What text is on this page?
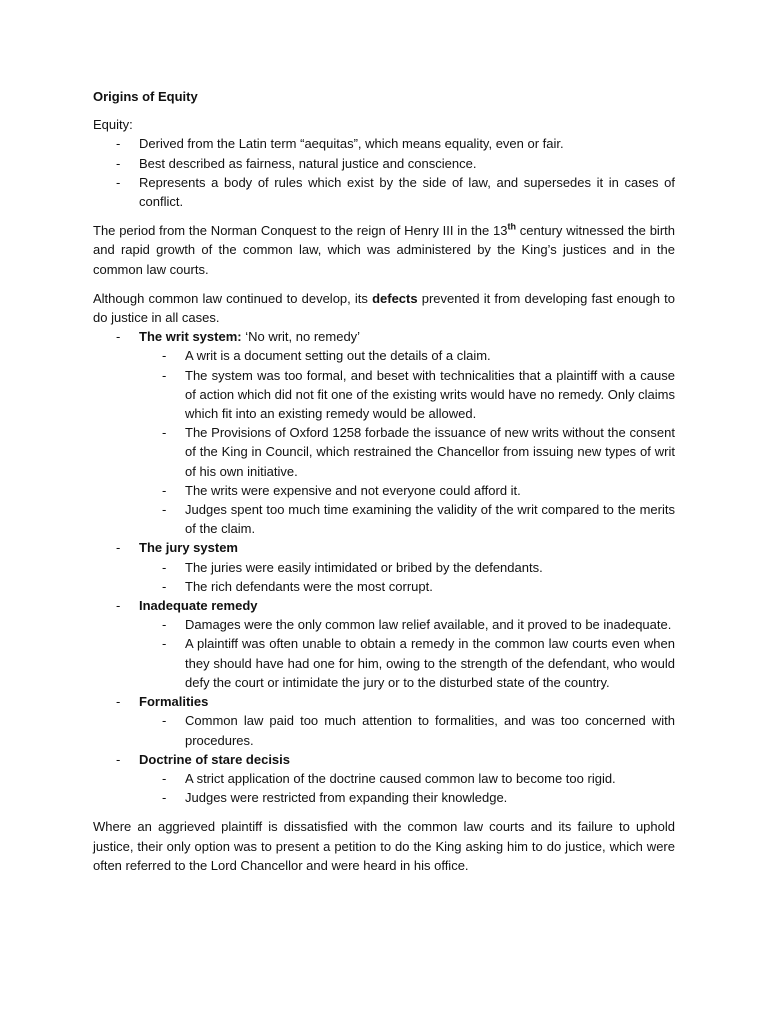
Origins of Equity

Equity:

- Derived from the Latin term “aequitas”, which means equality, even or fair.
- Best described as fairness, natural justice and conscience.
- Represents a body of rules which exist by the side of law, and supersedes it in cases of conflict.

The period from the Norman Conquest to the reign of Henry III in the 13th century witnessed the birth and rapid growth of the common law, which was administered by the King’s justices and in the common law courts.

Although common law continued to develop, its defects prevented it from developing fast enough to do justice in all cases.

- The writ system: ‘No writ, no remedy’
- A writ is a document setting out the details of a claim.
- The system was too formal, and beset with technicalities that a plaintiff with a cause of action which did not fit one of the existing writs would have no remedy. Only claims which fit into an existing remedy would be allowed.
- The Provisions of Oxford 1258 forbade the issuance of new writs without the consent of the King in Council, which restrained the Chancellor from issuing new types of writ of his own initiative.
- The writs were expensive and not everyone could afford it.
- Judges spent too much time examining the validity of the writ compared to the merits of the claim.
- The jury system
- The juries were easily intimidated or bribed by the defendants.
- The rich defendants were the most corrupt.
- Inadequate remedy
- Damages were the only common law relief available, and it proved to be inadequate.
- A plaintiff was often unable to obtain a remedy in the common law courts even when they should have had one for him, owing to the strength of the defendant, who would defy the court or intimidate the jury or to the disturbed state of the country.
- Formalities
- Common law paid too much attention to formalities, and was too concerned with procedures.
- Doctrine of stare decisis
- A strict application of the doctrine caused common law to become too rigid.
- Judges were restricted from expanding their knowledge.

Where an aggrieved plaintiff is dissatisfied with the common law courts and its failure to uphold justice, their only option was to present a petition to do the King asking him to do justice, which were often referred to the Lord Chancellor and were heard in his office.
